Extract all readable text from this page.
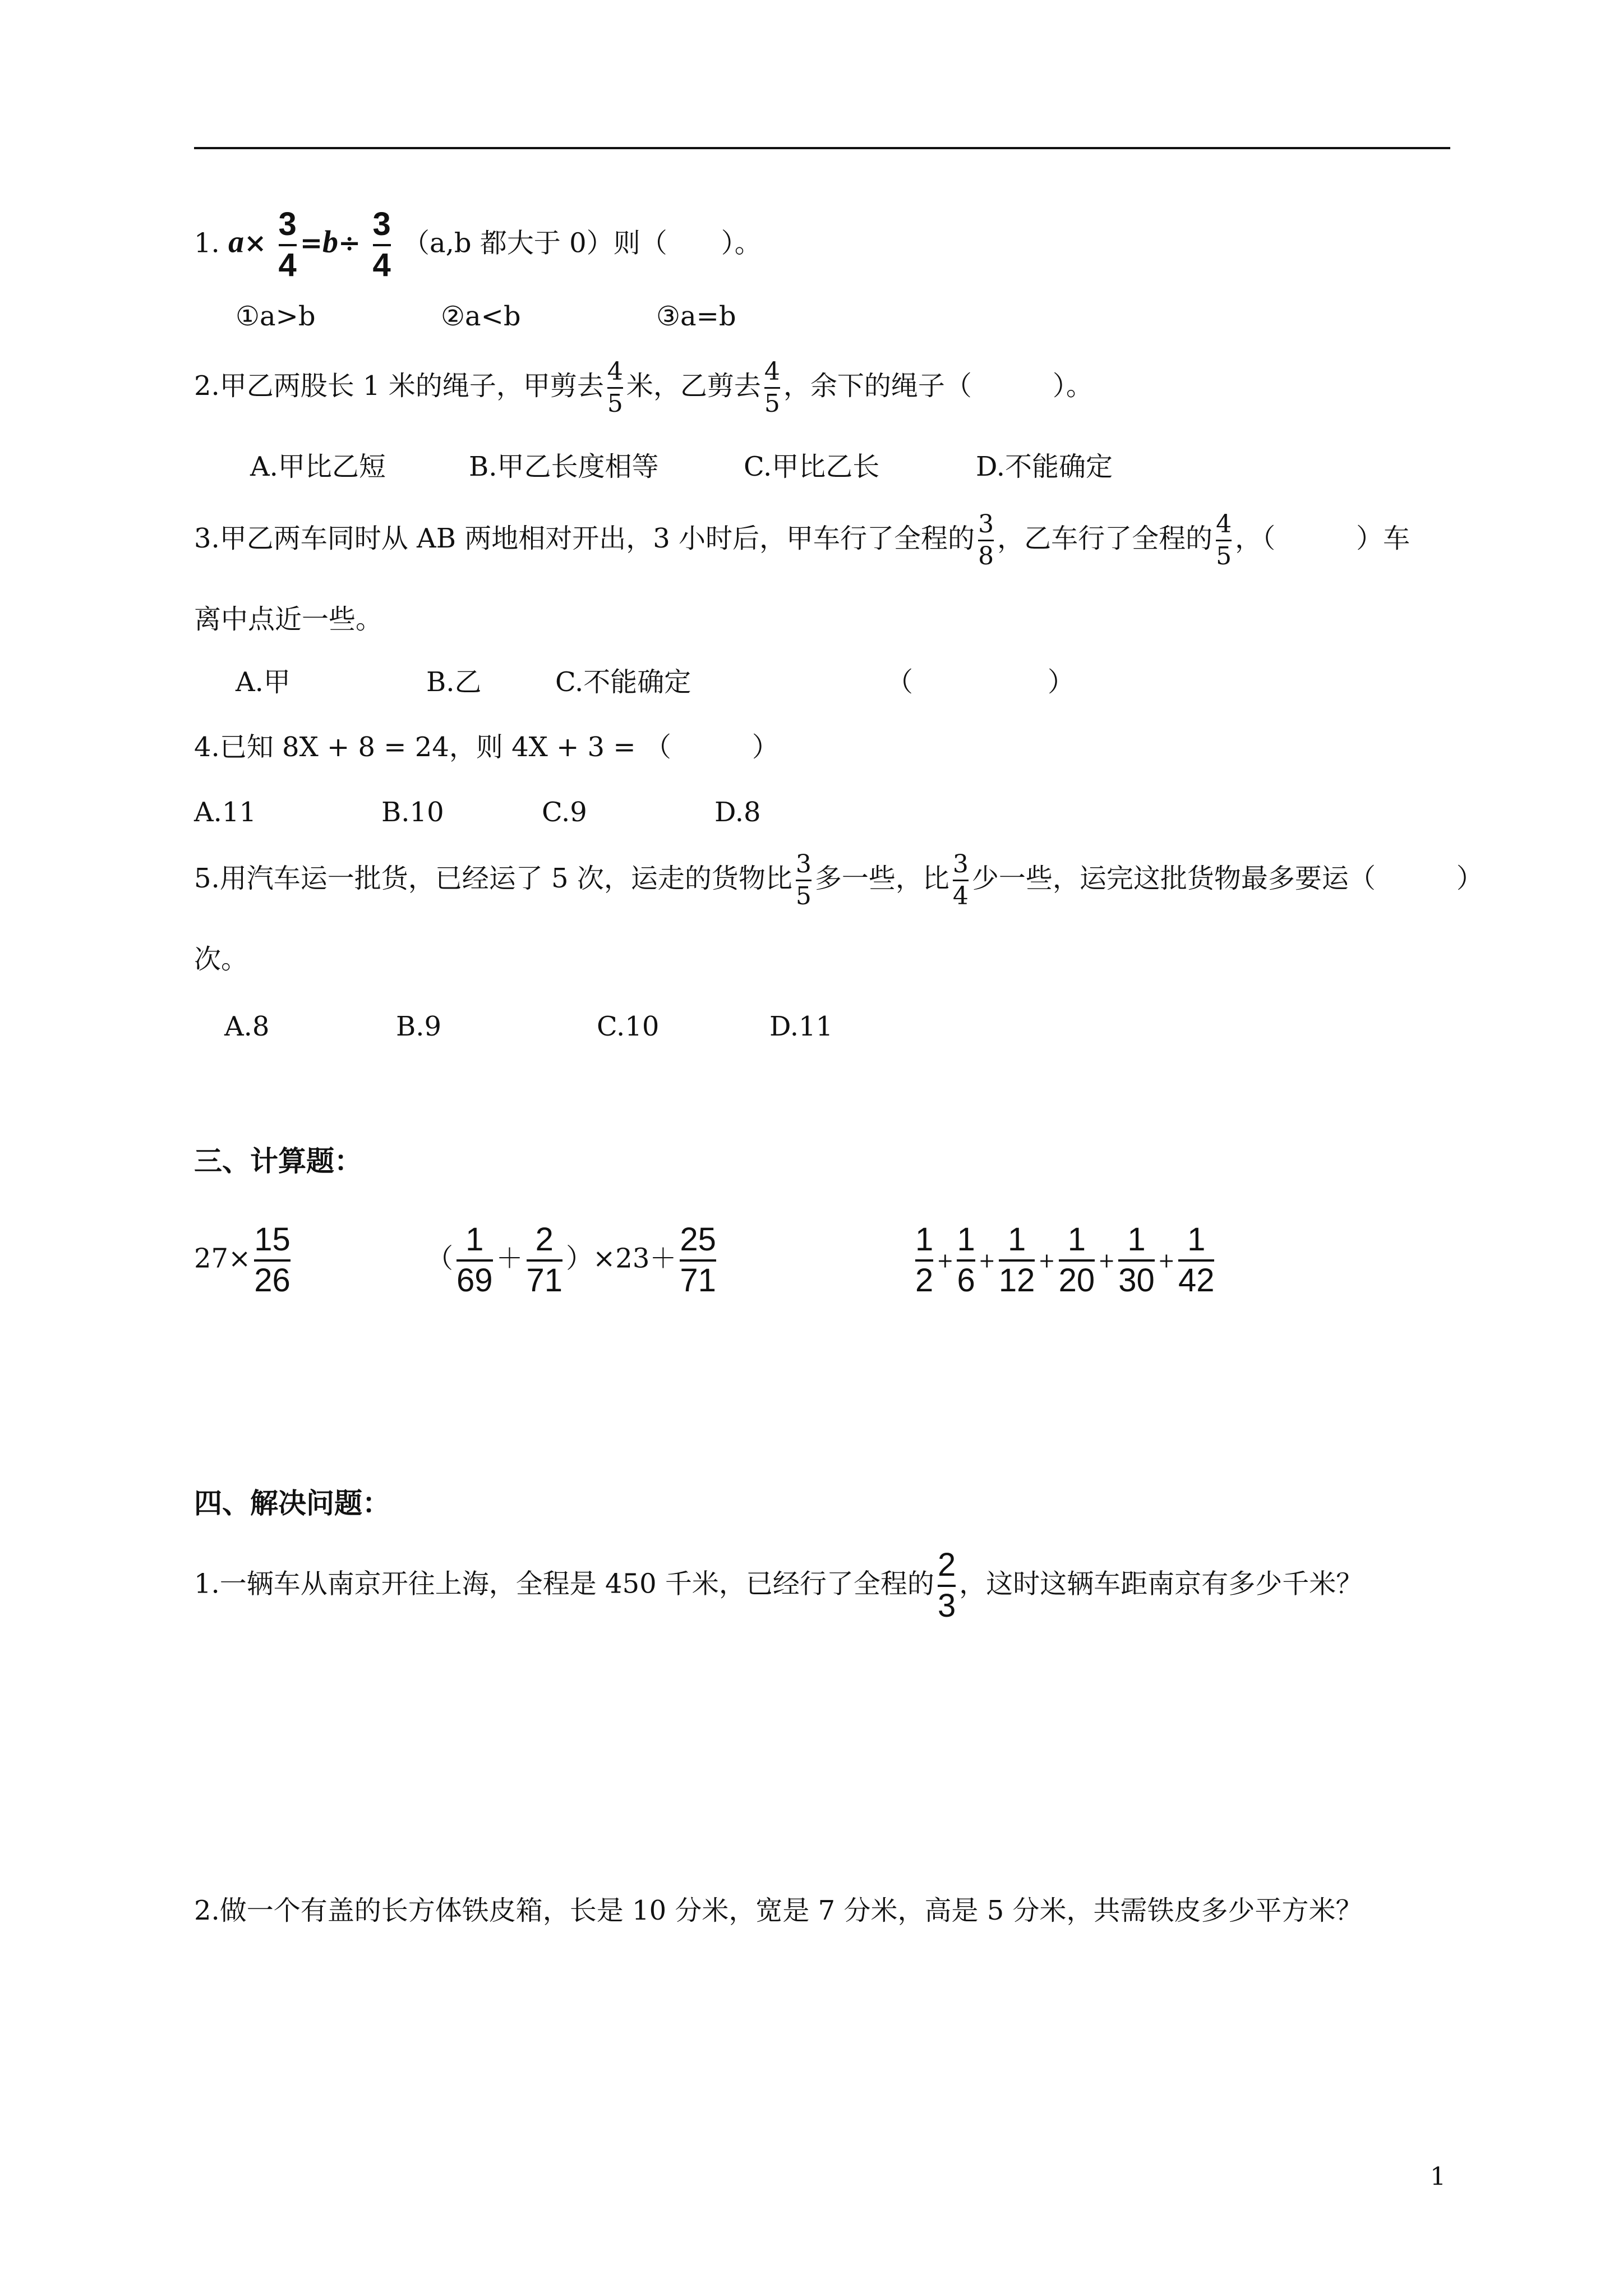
1. $a\times \frac{3}{4} =b\div \frac{3}{4} (a,b$ 都大于 0）则（　　）。
①a>b	②a<b	③a=b
2.甲乙两股长 1 米的绳子，甲剪去 $\frac{4}{5}$ 米，乙剪去 $\frac{4}{5}$ ，余下的绳子（　　　）。
A.甲比乙短	B.甲乙长度相等	C.甲比乙长	D.不能确定
3.甲乙两车同时从 AB 两地相对开出，3 小时后，甲车行了全程的 $\frac{3}{8}$ ，乙车行了全程的 $\frac{4}{5}$ ，（　　　）车
离中点近一些。
A.甲	B.乙	C.不能确定	（　　　　　）
4.已知 8X + 8 = 24，则 4X + 3 = （　　　）
A.11	B.10	C.9	D.8
5.用汽车运一批货，已经运了 5 次，运走的货物比 $\frac{3}{5}$ 多一些，比 $\frac{3}{4}$ 少一些，运完这批货物最多要运（　　　）
次。
A.8	B.9	C.10	D.11
三、计算题：
$27\times \frac{15}{26}$	（ $\frac{1}{69} + \frac{2}{71} )\times 23+ \frac{25}{71}$	$\frac{1}{2} + \frac{1}{6} + \frac{1}{12} + \frac{1}{20} + \frac{1}{30} + \frac{1}{42}$
四、解决问题：
1.一辆车从南京开往上海，全程是 450 千米，已经行了全程的 $\frac{2}{3}$ ，这时这辆车距南京有多少千米？
2.做一个有盖的长方体铁皮箱，长是 10 分米，宽是 7 分米，高是 5 分米，共需铁皮多少平方米？
1
